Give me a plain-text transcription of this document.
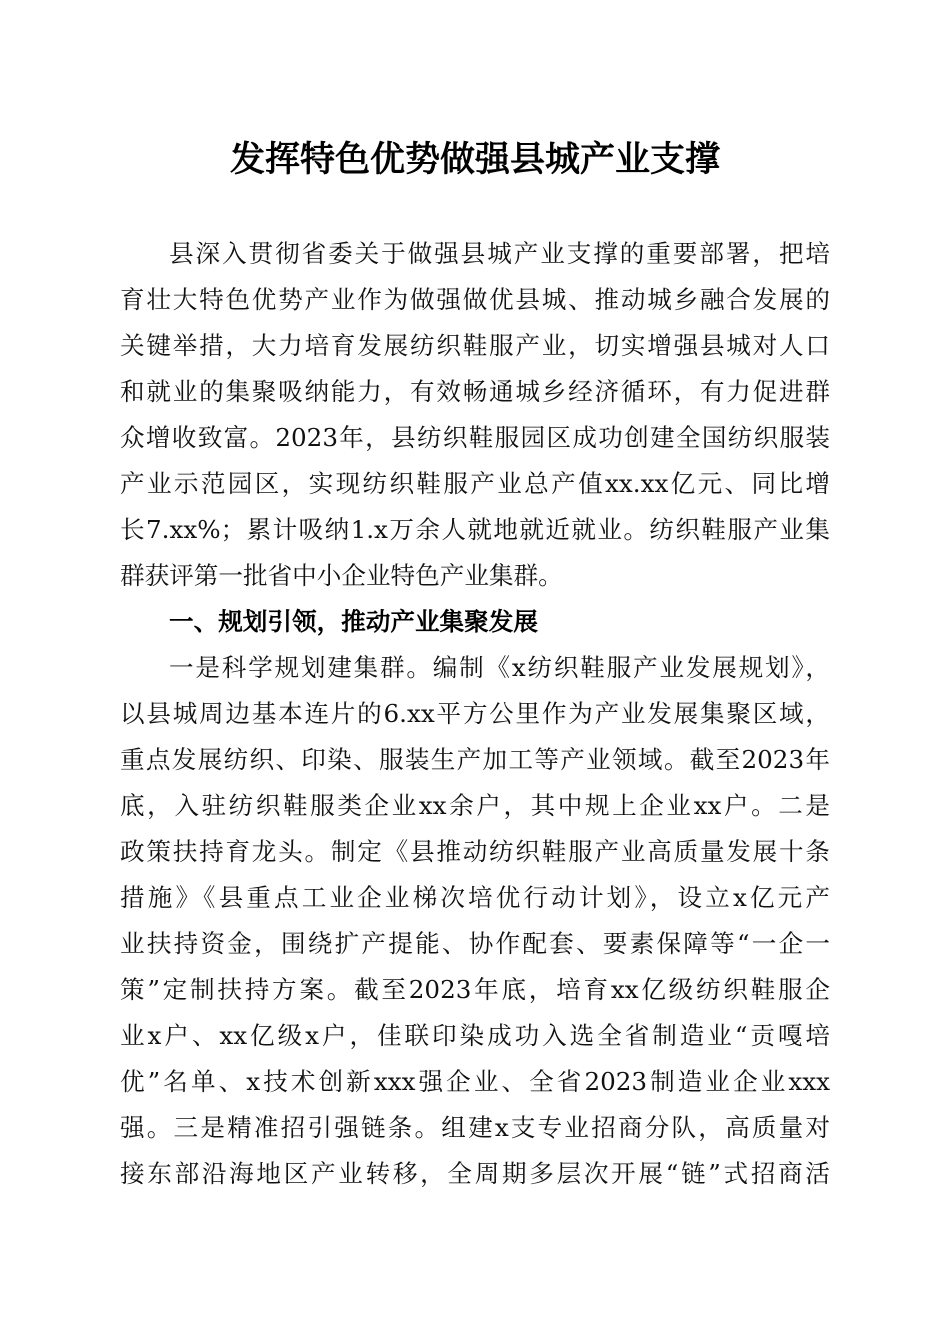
发挥特色优势做强县城产业支撑
县深入贯彻省委关于做强县城产业支撑的重要部署，把培
育壮大特色优势产业作为做强做优县城、推动城乡融合发展的
关键举措，大力培育发展纺织鞋服产业，切实增强县城对人口
和就业的集聚吸纳能力，有效畅通城乡经济循环，有力促进群
众增收致富。2023年，县纺织鞋服园区成功创建全国纺织服装
产业示范园区，实现纺织鞋服产业总产值xx.xx亿元、同比增
长7.xx%；累计吸纳1.x万余人就地就近就业。纺织鞋服产业集
群获评第一批省中小企业特色产业集群。
一、规划引领，推动产业集聚发展
一是科学规划建集群。编制《x纺织鞋服产业发展规划》，
以县城周边基本连片的6.xx平方公里作为产业发展集聚区域，
重点发展纺织、印染、服装生产加工等产业领域。截至2023年
底，入驻纺织鞋服类企业xx余户，其中规上企业xx户。二是
政策扶持育龙头。制定《县推动纺织鞋服产业高质量发展十条
措施》《县重点工业企业梯次培优行动计划》，设立x亿元产
业扶持资金，围绕扩产提能、协作配套、要素保障等“一企一
策”定制扶持方案。截至2023年底，培育xx亿级纺织鞋服企
业x户、xx亿级x户，佳联印染成功入选全省制造业“贡嘎培
优”名单、x技术创新xxx强企业、全省2023制造业企业xxx
强。三是精准招引强链条。组建x支专业招商分队，高质量对
接东部沿海地区产业转移，全周期多层次开展“链”式招商活
